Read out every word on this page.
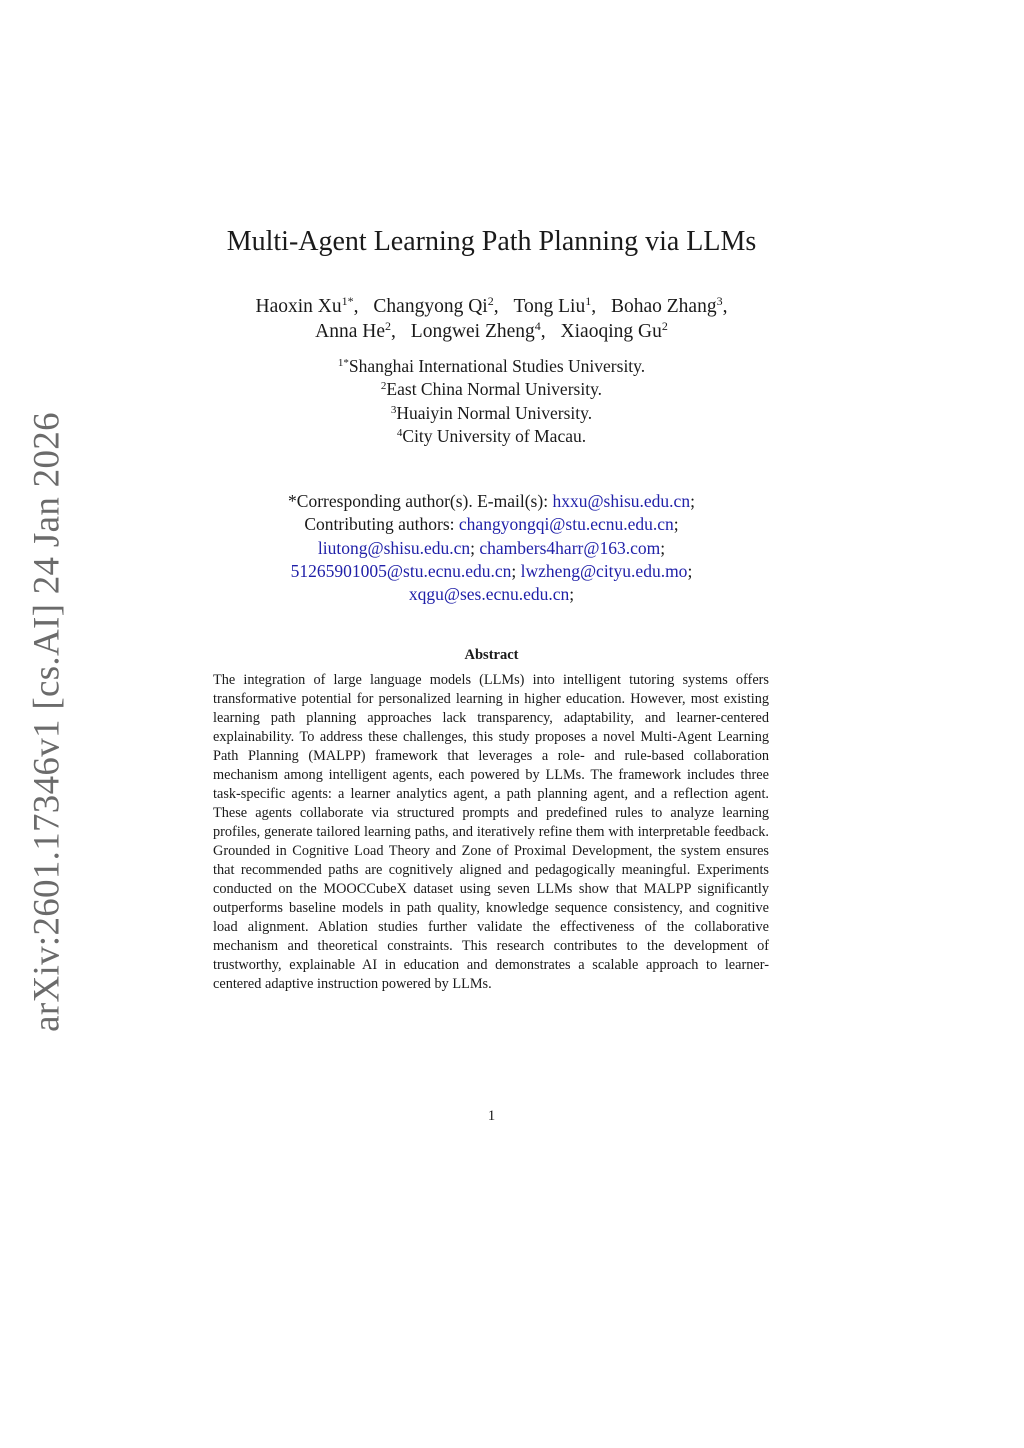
arXiv:2601.17346v1 [cs.AI] 24 Jan 2026
Multi-Agent Learning Path Planning via LLMs
Haoxin $Xu^{1*}$, Changyong Qi$^2$, Tong Liu$^1$, Bohao Zhang$^3$,
Anna He$^2$, Longwei Zheng$^4$, Xiaoqing Gu$^2$
$^{1*}$Shanghai International Studies University.
$^2$East China Normal University.
$^3$Huaiyin Normal University.
$^4$City University of Macau.
*Corresponding author(s). E-mail(s): hxxu@shisu.edu.cn;
Contributing authors: changyongqi@stu.ecnu.edu.cn;
liutong@shisu.edu.cn; chambers4harr@163.com;
51265901005@stu.ecnu.edu.cn; lwzheng@cityu.edu.mo;
xqgu@ses.ecnu.edu.cn;
Abstract

The integration of large language models (LLMs) into intelligent tutoring systems offers transformative potential for personalized learning in higher education. However, most existing learning path planning approaches lack transparency, adaptability, and learner-centered explainability. To address these challenges, this study proposes a novel Multi-Agent Learning Path Planning (MALPP) framework that leverages a role- and rule-based collaboration mechanism among intelligent agents, each powered by LLMs. The framework includes three task-specific agents: a learner analytics agent, a path planning agent, and a reflection agent. These agents collaborate via structured prompts and predefined rules to analyze learning profiles, generate tailored learning paths, and iteratively refine them with interpretable feedback. Grounded in Cognitive Load Theory and Zone of Proximal Development, the system ensures that recommended paths are cognitively aligned and pedagogically meaningful. Experiments conducted on the MOOCCubeX dataset using seven LLMs show that MALPP significantly outperforms baseline models in path quality, knowledge sequence consistency, and cognitive load alignment. Ablation studies further validate the effectiveness of the collaborative mechanism and theoretical constraints. This research contributes to the development of trustworthy, explainable AI in education and demonstrates a scalable approach to learner-centered adaptive instruction powered by LLMs.

1
